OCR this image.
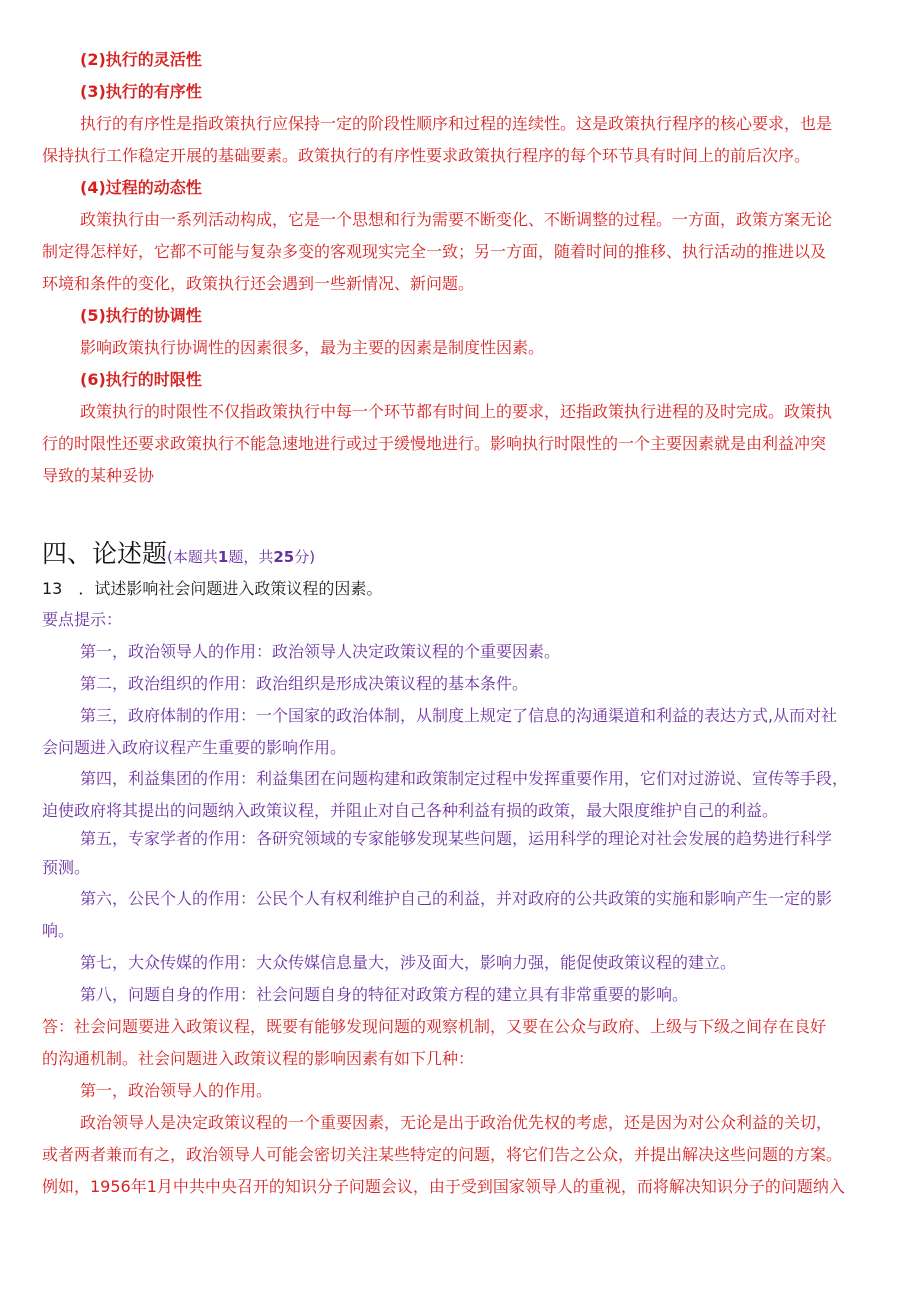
(2)执行的灵活性
(3)执行的有序性
执行的有序性是指政策执行应保持一定的阶段性顺序和过程的连续性。这是政策执行程序的核心要求，也是
保持执行工作稳定开展的基础要素。政策执行的有序性要求政策执行程序的每个环节具有时间上的前后次序。
(4)过程的动态性
政策执行由一系列活动构成，它是一个思想和行为需要不断变化、不断调整的过程。一方面，政策方案无论
制定得怎样好，它都不可能与复杂多变的客观现实完全一致；另一方面，随着时间的推移、执行活动的推进以及
环境和条件的变化，政策执行还会遇到一些新情况、新问题。
(5)执行的协调性
影响政策执行协调性的因素很多，最为主要的因素是制度性因素。
(6)执行的时限性
政策执行的时限性不仅指政策执行中每一个环节都有时间上的要求，还指政策执行进程的及时完成。政策执
行的时限性还要求政策执行不能急速地进行或过于缓慢地进行。影响执行时限性的一个主要因素就是由利益冲突
导致的某种妥协
四、论述题(本题共1题，共25分)
13　．试述影响社会问题进入政策议程的因素。
要点提示：
第一，政治领导人的作用：政治领导人决定政策议程的个重要因素。
第二，政治组织的作用：政治组织是形成决策议程的基本条件。
第三，政府体制的作用：一个国家的政治体制，从制度上规定了信息的沟通渠道和利益的表达方式,从而对社
会问题进入政府议程产生重要的影响作用。
第四，利益集团的作用：利益集团在问题构建和政策制定过程中发挥重要作用，它们对过游说、宣传等手段，
迫使政府将其提出的问题纳入政策议程，并阻止对自己各种利益有损的政策，最大限度维护自己的利益。
第五，专家学者的作用：各研究领域的专家能够发现某些问题，运用科学的理论对社会发展的趋势进行科学
预测。
第六，公民个人的作用：公民个人有权利维护自己的利益，并对政府的公共政策的实施和影响产生一定的影
响。
第七，大众传媒的作用：大众传媒信息量大，涉及面大，影响力强，能促使政策议程的建立。
第八，问题自身的作用：社会问题自身的特征对政策方程的建立具有非常重要的影响。
答：社会问题要进入政策议程，既要有能够发现问题的观察机制，又要在公众与政府、上级与下级之间存在良好
的沟通机制。社会问题进入政策议程的影响因素有如下几种：
第一，政治领导人的作用。
政治领导人是决定政策议程的一个重要因素，无论是出于政治优先权的考虑，还是因为对公众利益的关切，
或者两者兼而有之，政治领导人可能会密切关注某些特定的问题，将它们告之公众，并提出解决这些问题的方案。
例如，1956年1月中共中央召开的知识分子问题会议，由于受到国家领导人的重视，而将解决知识分子的问题纳入
